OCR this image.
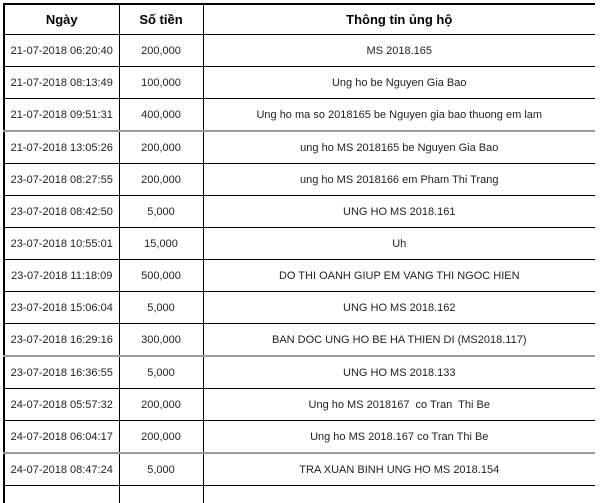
Ngày	Số tiền	Thông tin ủng hộ
21-07-2018 06:20:40	200,000	MS 2018.165
21-07-2018 08:13:49	100,000	Ung ho be Nguyen Gia Bao
21-07-2018 09:51:31	400,000	Ung ho ma so 2018165 be Nguyen gia bao thuong em lam
21-07-2018 13:05:26	200,000	ung ho MS 2018165 be Nguyen Gia Bao
23-07-2018 08:27:55	200,000	ung ho MS 2018166 em Pham Thi Trang
23-07-2018 08:42:50	5,000	UNG HO MS 2018.161
23-07-2018 10:55:01	15,000	Uh
23-07-2018 11:18:09	500,000	DO THI OANH GIUP EM VANG THI NGOC HIEN
23-07-2018 15:06:04	5,000	UNG HO MS 2018.162
23-07-2018 16:29:16	300,000	BAN DOC UNG HO BE HA THIEN DI (MS2018.117)
23-07-2018 16:36:55	5,000	UNG HO MS 2018.133
24-07-2018 05:57:32	200,000	Ung ho MS 2018167  co Tran  Thi Be
24-07-2018 06:04:17	200,000	Ung ho MS 2018.167 co Tran Thi Be
24-07-2018 08:47:24	5,000	TRA XUAN BINH UNG HO MS 2018.154
